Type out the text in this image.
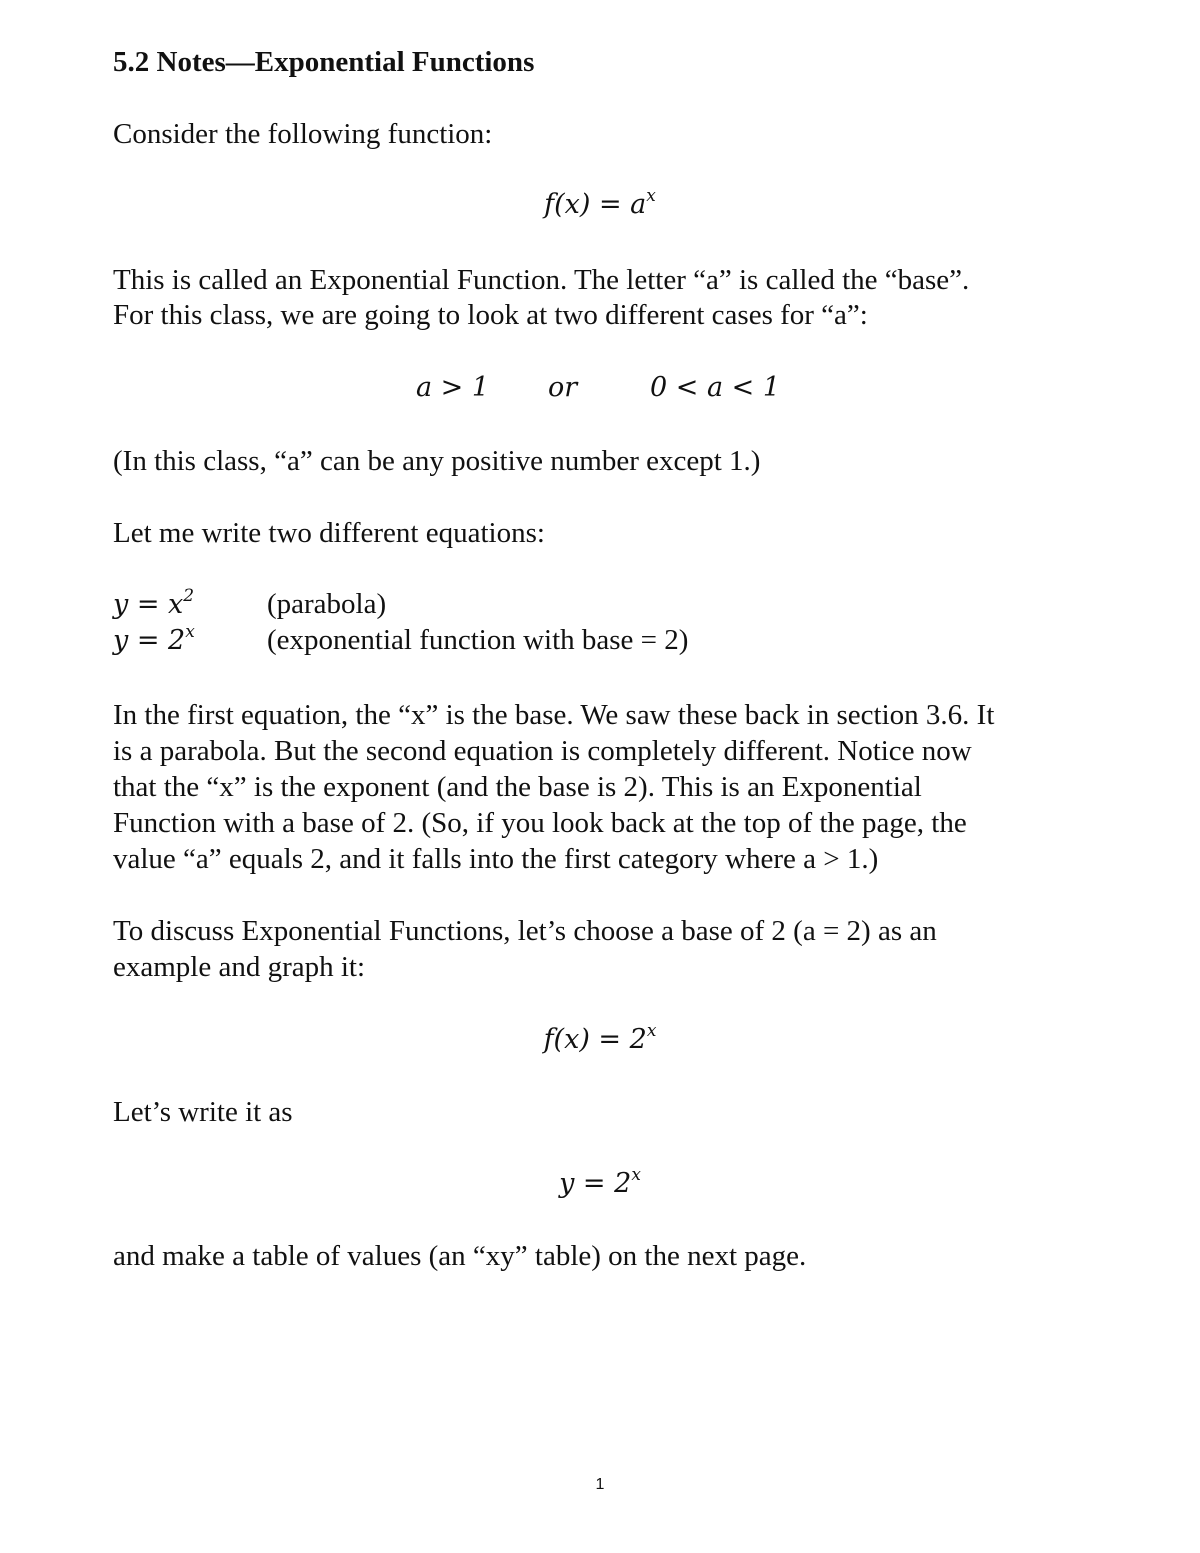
5.2 Notes—Exponential Functions
Consider the following function:
$f(x) = a^x$
This is called an Exponential Function. The letter “a” is called the “base”.
For this class, we are going to look at two different cases for “a”:
a > 1 or	0 < a < 1
(In this class, “a” can be any positive number except 1.)
Let me write two different equations:
$y = x^2$	(parabola)
$y = 2^x$ (exponential function with base = 2)
In the first equation, the “x” is the base. We saw these back in section 3.6. It
is a parabola. But the second equation is completely different. Notice now
that the “x” is the exponent (and the base is 2). This is an Exponential
Function with a base of 2. (So, if you look back at the top of the page, the
value “a” equals 2, and it falls into the first category where a > 1.)
To discuss Exponential Functions, let’s choose a base of 2 (a = 2) as an
example and graph it:
$f(x) = 2^x$
Let’s write it as
$y = 2^x$
and make a table of values (an “xy” table) on the next page.
1
